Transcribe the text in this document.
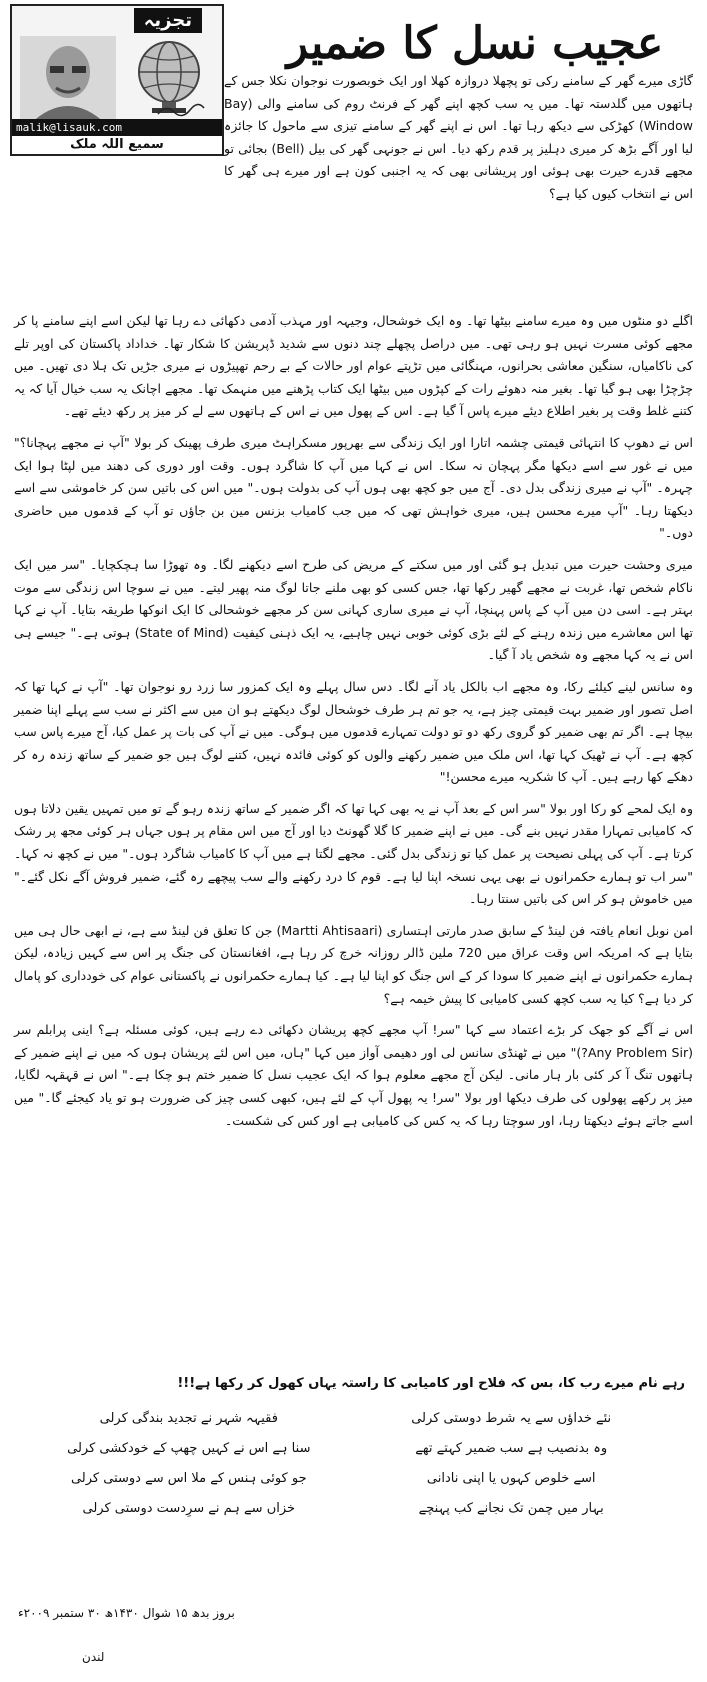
تجزیہ
malik@lisauk.com
سمیع اللہ ملک
عجیب نسل کا ضمیر

گاڑی میرے گھر کے سامنے رکی تو پچھلا دروازہ کھلا اور ایک خوبصورت نوجوان نکلا جس کے ہاتھوں میں گلدستہ تھا۔ میں یہ سب کچھ اپنے گھر کے فرنٹ روم کی سامنے والی (Bay Window) کھڑکی سے دیکھ رہا تھا۔ اس نے اپنے گھر کے سامنے تیزی سے ماحول کا جائزہ لیا اور آگے بڑھ کر میری دہلیز پر قدم رکھ دیا۔ اس نے جونہی گھر کی بیل (Bell) بجائی تو مجھے قدرے حیرت بھی ہوئی اور پریشانی بھی کہ یہ اجنبی کون ہے اور میرے ہی گھر کا اس نے انتخاب کیوں کیا ہے؟

اگلے دو منٹوں میں وہ میرے سامنے بیٹھا تھا۔ وہ ایک خوشحال، وجیہہ اور مہذب آدمی دکھائی دے رہا تھا لیکن اسے اپنے سامنے پا کر مجھے کوئی مسرت نہیں ہو رہی تھی۔ میں دراصل پچھلے چند دنوں سے شدید ڈپریشن کا شکار تھا۔ خداداد پاکستان کی اوپر تلے کی ناکامیاں، سنگین معاشی بحرانوں، مہنگائی میں تڑپتے عوام اور حالات کے بے رحم تھپیڑوں نے میری جڑیں تک ہلا دی تھیں۔ میں چڑچڑا بھی ہو گیا تھا۔ بغیر منہ دھوئے رات کے کپڑوں میں بیٹھا ایک کتاب پڑھنے میں منہمک تھا۔ مجھے اچانک یہ سب خیال آیا کہ یہ کتنے غلط وقت پر بغیر اطلاع دیئے میرے پاس آ گیا ہے۔ اس کے پھول میں نے اس کے ہاتھوں سے لے کر میز پر رکھ دیئے تھے۔

اس نے دھوپ کا انتہائی قیمتی چشمہ اتارا اور ایک زندگی سے بھرپور مسکراہٹ میری طرف پھینک کر بولا "آپ نے مجھے پہچانا؟" میں نے غور سے اسے دیکھا مگر پہچان نہ سکا۔ اس نے کہا میں آپ کا شاگرد ہوں۔ وقت اور دوری کی دھند میں لپٹا ہوا ایک چہرہ۔ "آپ نے میری زندگی بدل دی۔ آج میں جو کچھ بھی ہوں آپ کی بدولت ہوں۔" میں اس کی باتیں سن کر خاموشی سے اسے دیکھتا رہا۔ "آپ میرے محسن ہیں، میری خواہش تھی کہ میں جب کامیاب بزنس مین بن جاؤں تو آپ کے قدموں میں حاضری دوں۔"

میری وحشت حیرت میں تبدیل ہو گئی اور میں سکتے کے مریض کی طرح اسے دیکھنے لگا۔ وہ تھوڑا سا ہچکچایا۔ "سر میں ایک ناکام شخص تھا، غربت نے مجھے گھیر رکھا تھا، جس کسی کو بھی ملنے جاتا لوگ منہ پھیر لیتے۔ میں نے سوچا اس زندگی سے موت بہتر ہے۔ اسی دن میں آپ کے پاس پہنچا، آپ نے میری ساری کہانی سن کر مجھے خوشحالی کا ایک انوکھا طریقہ بتایا۔ آپ نے کہا تھا اس معاشرے میں زندہ رہنے کے لئے بڑی کوئی خوبی نہیں چاہیے، یہ ایک ذہنی کیفیت (State of Mind) ہوتی ہے۔" جیسے ہی اس نے یہ کہا مجھے وہ شخص یاد آ گیا۔

وہ سانس لینے کیلئے رکا، وہ مجھے اب بالکل یاد آنے لگا۔ دس سال پہلے وہ ایک کمزور سا زرد رو نوجوان تھا۔ "آپ نے کہا تھا کہ اصل تصور اور ضمیر بہت قیمتی چیز ہے، یہ جو تم ہر طرف خوشحال لوگ دیکھتے ہو ان میں سے اکثر نے سب سے پہلے اپنا ضمیر بیچا ہے۔ اگر تم بھی ضمیر کو گروی رکھ دو تو دولت تمہارے قدموں میں ہوگی۔ میں نے آپ کی بات پر عمل کیا، آج میرے پاس سب کچھ ہے۔ آپ نے ٹھیک کہا تھا، اس ملک میں ضمیر رکھنے والوں کو کوئی فائدہ نہیں، کتنے لوگ ہیں جو ضمیر کے ساتھ زندہ رہ کر دھکے کھا رہے ہیں۔ آپ کا شکریہ میرے محسن!"

وہ ایک لمحے کو رکا اور بولا "سر اس کے بعد آپ نے یہ بھی کہا تھا کہ اگر ضمیر کے ساتھ زندہ رہو گے تو میں تمہیں یقین دلاتا ہوں کہ کامیابی تمہارا مقدر نہیں بنے گی۔ میں نے اپنے ضمیر کا گلا گھونٹ دیا اور آج میں اس مقام پر ہوں جہاں ہر کوئی مجھ پر رشک کرتا ہے۔ آپ کی پہلی نصیحت پر عمل کیا تو زندگی بدل گئی۔ مجھے لگتا ہے میں آپ کا کامیاب شاگرد ہوں۔" میں نے کچھ نہ کہا۔ "سر اب تو ہمارے حکمرانوں نے بھی یہی نسخہ اپنا لیا ہے۔ قوم کا درد رکھنے والے سب پیچھے رہ گئے، ضمیر فروش آگے نکل گئے۔" میں خاموش ہو کر اس کی باتیں سنتا رہا۔

امن نوبل انعام یافتہ فن لینڈ کے سابق صدر مارتی اہتساری (Martti Ahtisaari) جن کا تعلق فن لینڈ سے ہے، نے ابھی حال ہی میں بتایا ہے کہ امریکہ اس وقت عراق میں 720 ملین ڈالر روزانہ خرچ کر رہا ہے، افغانستان کی جنگ پر اس سے کہیں زیادہ، لیکن ہمارے حکمرانوں نے اپنے ضمیر کا سودا کر کے اس جنگ کو اپنا لیا ہے۔ کیا ہمارے حکمرانوں نے پاکستانی عوام کی خودداری کو پامال کر دیا ہے؟ کیا یہ سب کچھ کسی کامیابی کا پیش خیمہ ہے؟

اس نے آگے کو جھک کر بڑے اعتماد سے کہا "سر! آپ مجھے کچھ پریشان دکھائی دے رہے ہیں، کوئی مسئلہ ہے؟ اینی پرابلم سر (Any Problem Sir?)" میں نے ٹھنڈی سانس لی اور دھیمی آواز میں کہا "ہاں، میں اس لئے پریشان ہوں کہ میں نے اپنے ضمیر کے ہاتھوں تنگ آ کر کئی بار ہار مانی۔ لیکن آج مجھے معلوم ہوا کہ ایک عجیب نسل کا ضمیر ختم ہو چکا ہے۔" اس نے قہقہہ لگایا، میز پر رکھے پھولوں کی طرف دیکھا اور بولا "سر! یہ پھول آپ کے لئے ہیں، کبھی کسی چیز کی ضرورت ہو تو یاد کیجئے گا۔" میں اسے جاتے ہوئے دیکھتا رہا، اور سوچتا رہا کہ یہ کس کی کامیابی ہے اور کس کی شکست۔

رہے نام میرے رب کا، بس کہ فلاح اور کامیابی کا راستہ یہاں کھول کر رکھا ہے!!!
نئے خداؤں سے یہ شرط دوستی کرلی
فقیہہ شہر نے تجدید بندگی کرلی
وہ بدنصیب ہے سب ضمیر کہتے تھے
سنا ہے اس نے کہیں چھپ کے خودکشی کرلی
اسے خلوص کہوں یا اپنی نادانی
جو کوئی ہنس کے ملا اس سے دوستی کرلی
بہار میں چمن تک نجانے کب پہنچے
خزاں سے ہم نے سرِدست دوستی کرلی
بروز بدھ ۱۵ شوال ۱۴۳۰ھ ۳۰ ستمبر ۲۰۰۹ء
لندن
